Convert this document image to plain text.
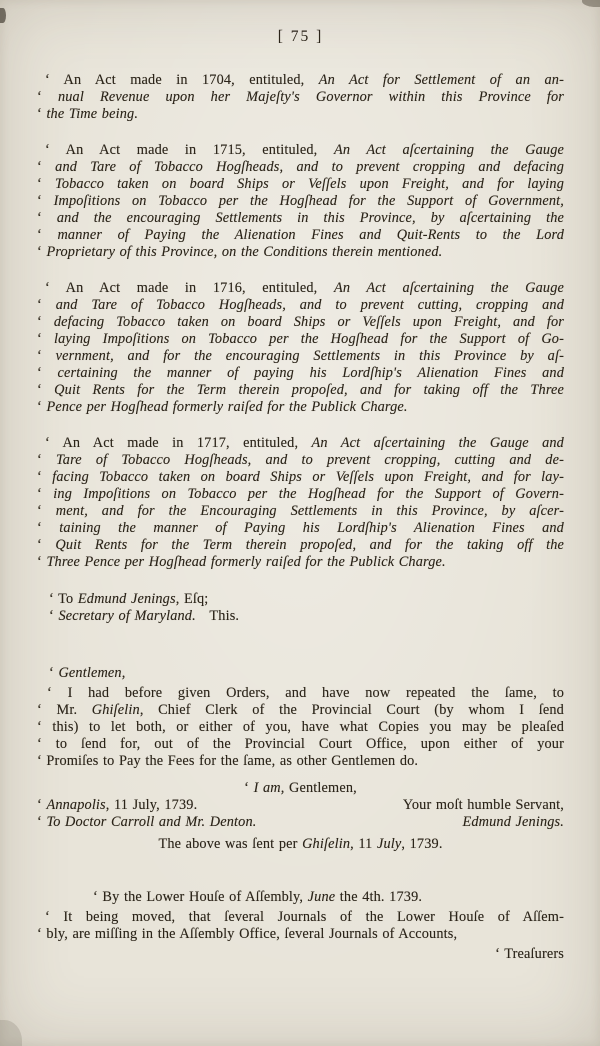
[ 75 ]
‘ An Act made in 1704, entituled, An Act for Settlement of an an-
‘ nual Revenue upon her Majeſty's Governor within this Province for
‘ the Time being.
‘ An Act made in 1715, entituled, An Act aſcertaining the Gauge
‘ and Tare of Tobacco Hogſheads, and to prevent cropping and defacing
‘ Tobacco taken on board Ships or Veſſels upon Freight, and for laying
‘ Impoſitions on Tobacco per the Hogſhead for the Support of Government,
‘ and the encouraging Settlements in this Province, by aſcertaining the
‘ manner of Paying the Alienation Fines and Quit-Rents to the Lord
‘ Proprietary of this Province, on the Conditions therein mentioned.
‘ An Act made in 1716, entituled, An Act aſcertaining the Gauge
‘ and Tare of Tobacco Hogſheads, and to prevent cutting, cropping and
‘ defacing Tobacco taken on board Ships or Veſſels upon Freight, and for
‘ laying Impoſitions on Tobacco per the Hogſhead for the Support of Go-
‘ vernment, and for the encouraging Settlements in this Province by aſ-
‘ certaining the manner of paying his Lordſhip's Alienation Fines and
‘ Quit Rents for the Term therein propoſed, and for taking off the Three
‘ Pence per Hogſhead formerly raiſed for the Publick Charge.
‘ An Act made in 1717, entituled, An Act aſcertaining the Gauge and
‘ Tare of Tobacco Hogſheads, and to prevent cropping, cutting and de-
‘ facing Tobacco taken on board Ships or Veſſels upon Freight, and for lay-
‘ ing Impoſitions on Tobacco per the Hogſhead for the Support of Govern-
‘ ment, and for the Encouraging Settlements in this Province, by aſcer-
‘ taining the manner of Paying his Lordſhip's Alienation Fines and
‘ Quit Rents for the Term therein propoſed, and for the taking off the
‘ Three Pence per Hogſhead formerly raiſed for the Publick Charge.
‘ To Edmund Jenings, Eſq;
‘ Secretary of Maryland.   This.
‘ Gentlemen,
‘ I had before given Orders, and have now repeated the ſame, to
‘ Mr. Ghiſelin, Chief Clerk of the Provincial Court (by whom I ſend
‘ this) to let both, or either of you, have what Copies you may be pleaſed
‘ to ſend for, out of the Provincial Court Office, upon either of your
‘ Promiſes to Pay the Fees for the ſame, as other Gentlemen do.
‘ I am, Gentlemen,
‘ Annapolis, 11 July, 1739.	Your moſt humble Servant,
‘ To Doctor Carroll and Mr. Denton.	Edmund Jenings.
The above was ſent per Ghiſelin, 11 July, 1739.
‘ By the Lower Houſe of Aſſembly, June the 4th. 1739.
‘ It being moved, that ſeveral Journals of the Lower Houſe of Aſſem-
‘ bly, are miſſing in the Aſſembly Office, ſeveral Journals of Accounts,
‘ Treaſurers
